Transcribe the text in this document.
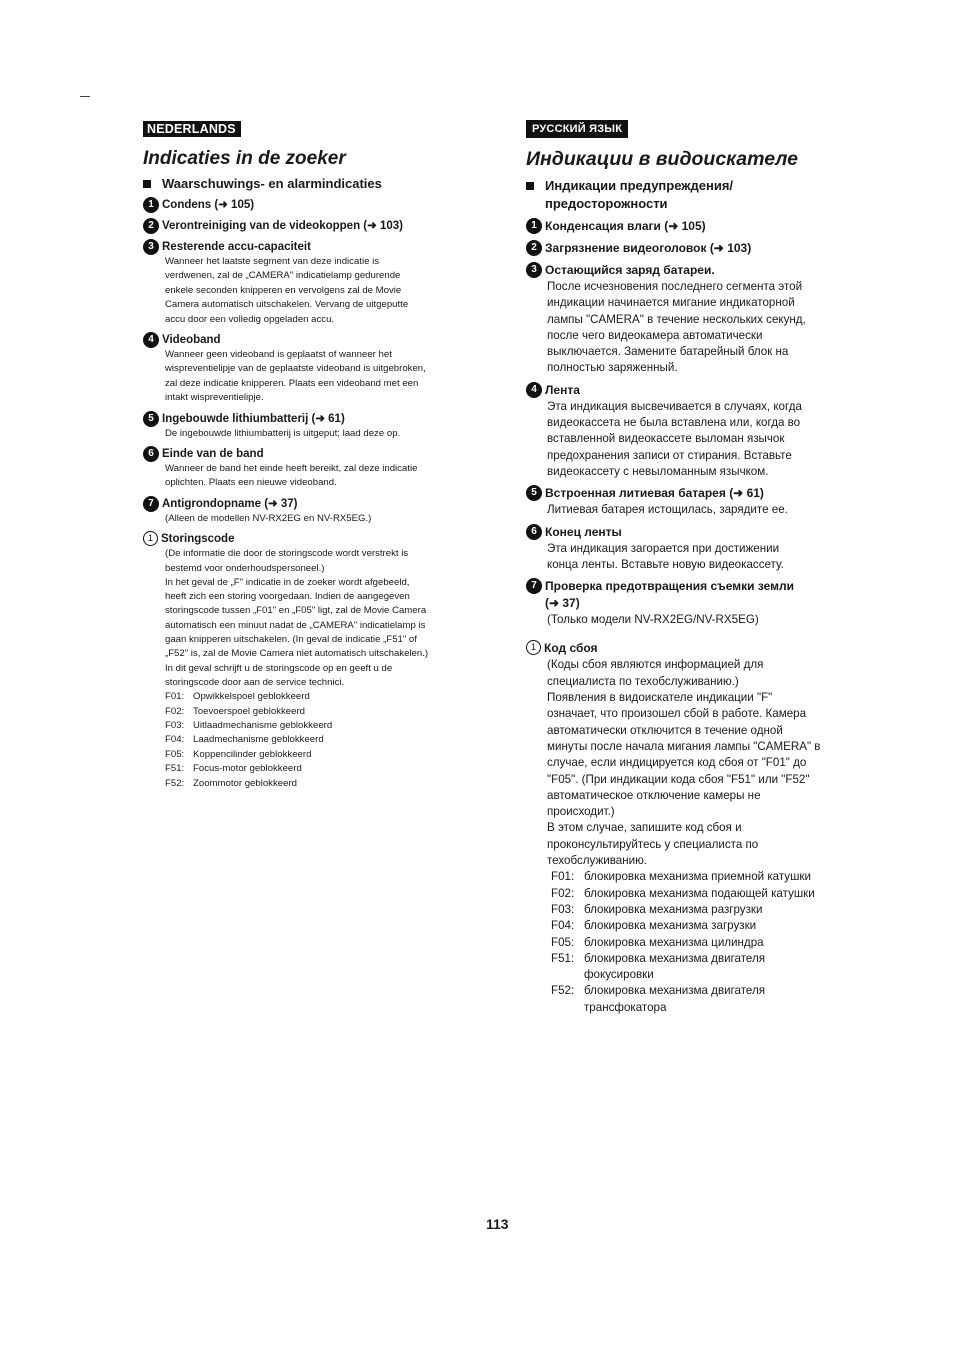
NEDERLANDS
Indicaties in de zoeker
Waarschuwings- en alarmindicaties
1 Condens (➜ 105)
2 Verontreiniging van de videokoppen (➜ 103)
3 Resterende accu-capaciteit
Wanneer het laatste segment van deze indicatie is
verdwenen, zal de „CAMERA" indicatielamp gedurende
enkele seconden knipperen en vervolgens zal de Movie
Camera automatisch uitschakelen. Vervang de uitgeputte
accu door een volledig opgeladen accu.
4 Videoband
Wanneer geen videoband is geplaatst of wanneer het
wispreventielipje van de geplaatste videoband is uitgebroken,
zal deze indicatie knipperen. Plaats een videoband met een
intakt wispreventielipje.
5 Ingebouwde lithiumbatterij (➜ 61)
De ingebouwde lithiumbatterij is uitgeput; laad deze op.
6 Einde van de band
Wanneer de band het einde heeft bereikt, zal deze indicatie
oplichten. Plaats een nieuwe videoband.
7 Antigrondopname (➜ 37)
(Alleen de modellen NV-RX2EG en NV-RX5EG.)
1 Storingscode
(De informatie die door de storingscode wordt verstrekt is
bestemd voor onderhoudspersoneel.)
In het geval de „F" indicatie in de zoeker wordt afgebeeld,
heeft zich een storing voorgedaan. Indien de aangegeven
storingscode tussen „F01" en „F05" ligt, zal de Movie Camera
automatisch een minuut nadat de „CAMERA" indicatielamp is
gaan knipperen uitschakelen. (In geval de indicatie „F51" of
„F52" is, zal de Movie Camera niet automatisch uitschakelen.)
In dit geval schrijft u de storingscode op en geeft u de
storingscode door aan de service technici.
F01: Opwikkelspoel geblokkeerd
F02: Toevoerspoel geblokkeerd
F03: Uitlaadmechanisme geblokkeerd
F04: Laadmechanisme geblokkeerd
F05: Koppencilinder geblokkeerd
F51: Focus-motor geblokkeerd
F52: Zoommotor geblokkeerd
РУССКИЙ ЯЗЫК
Индикации в видоискателе
Индикации предупреждения/
предосторожности
1 Конденсация влаги (➜ 105)
2 Загрязнение видеоголовок (➜ 103)
3 Остающийся заряд батареи.
После исчезновения последнего сегмента этой
индикации начинается мигание индикаторной
лампы "CAMERA" в течение нескольких секунд,
после чего видеокамера автоматически
выключается. Замените батарейный блок на
полностью заряженный.
4 Лента
Эта индикация высвечивается в случаях, когда
видеокассета не была вставлена или, когда во
вставленной видеокассете выломан язычок
предохранения записи от стирания. Вставьте
видеокассету с невыломанным язычком.
5 Встроенная литиевая батарея (➜ 61)
Литиевая батарея истощилась, зарядите ее.
6 Конец ленты
Эта индикация загорается при достижении
конца ленты. Вставьте новую видеокассету.
7 Проверка предотвращения съемки земли
(➜ 37)
(Только модели NV-RX2EG/NV-RX5EG)
1 Код сбоя
(Коды сбоя являются информацией для
специалиста по техобслуживанию.)
Появления в видоискателе индикации "F"
означает, что произошел сбой в работе. Камера
автоматически отключится в течение одной
минуты после начала мигания лампы "CAMERA" в
случае, если индицируется код сбоя от "F01" до
"F05". (При индикации кода сбоя "F51" или "F52"
автоматическое отключение камеры не
происходит.)
В этом случае, запишите код сбоя и
проконсультируйтесь у специалиста по
техобслуживанию.
F01: блокировка механизма приемной катушки
F02: блокировка механизма подающей катушки
F03: блокировка механизма разгрузки
F04: блокировка механизма загрузки
F05: блокировка механизма цилиндра
F51: блокировка механизма двигателя
фокусировки
F52: блокировка механизма двигателя
трансфокатора
113
